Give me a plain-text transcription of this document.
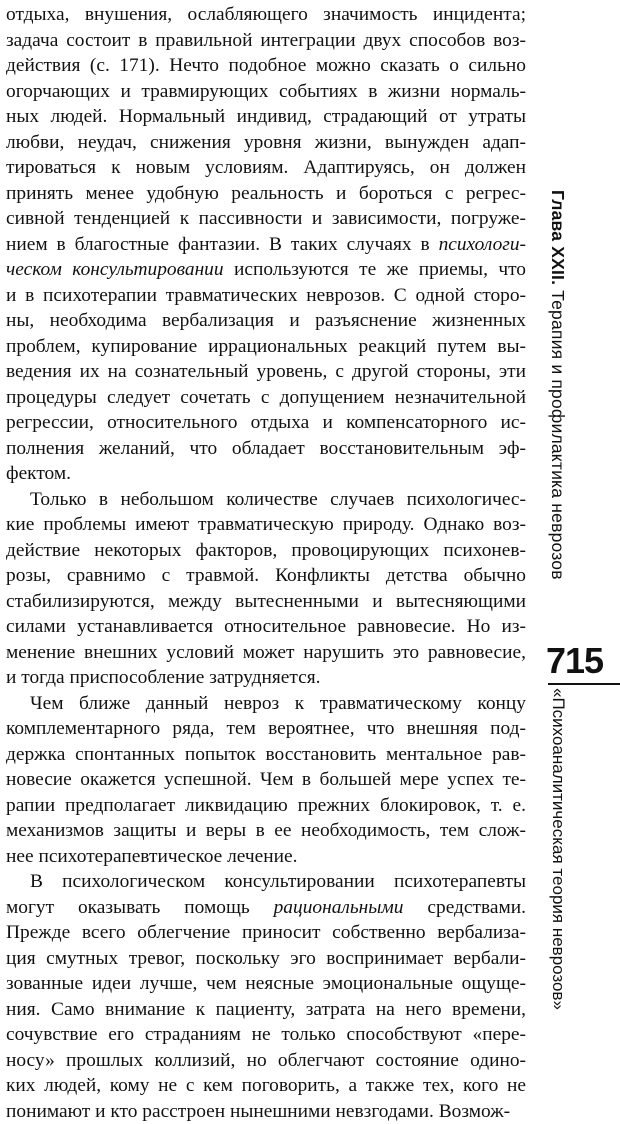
отдыха, внушения, ослабляющего значимость инцидента;
задача состоит в правильной интеграции двух способов воз-
действия (с. 171). Нечто подобное можно сказать о сильно
огорчающих и травмирующих событиях в жизни нормаль-
ных людей. Нормальный индивид, страдающий от утраты
любви, неудач, снижения уровня жизни, вынужден адап-
тироваться к новым условиям. Адаптируясь, он должен
принять менее удобную реальность и бороться с регрес-
сивной тенденцией к пассивности и зависимости, погруже-
нием в благостные фантазии. В таких случаях в психологи-
ческом консультировании используются те же приемы, что
и в психотерапии травматических неврозов. С одной сторо-
ны, необходима вербализация и разъяснение жизненных
проблем, купирование иррациональных реакций путем вы-
ведения их на сознательный уровень, с другой стороны, эти
процедуры следует сочетать с допущением незначительной
регрессии, относительного отдыха и компенсаторного ис-
полнения желаний, что обладает восстановительным эф-
фектом.
Только в небольшом количестве случаев психологичес-
кие проблемы имеют травматическую природу. Однако воз-
действие некоторых факторов, провоцирующих психонев-
розы, сравнимо с травмой. Конфликты детства обычно
стабилизируются, между вытесненными и вытесняющими
силами устанавливается относительное равновесие. Но из-
менение внешних условий может нарушить это равновесие,
и тогда приспособление затрудняется.
Чем ближе данный невроз к травматическому концу
комплементарного ряда, тем вероятнее, что внешняя под-
держка спонтанных попыток восстановить ментальное рав-
новесие окажется успешной. Чем в большей мере успех те-
рапии предполагает ликвидацию прежних блокировок, т. е.
механизмов защиты и веры в ее необходимость, тем слож-
нее психотерапевтическое лечение.
В психологическом консультировании психотерапевты
могут оказывать помощь рациональными средствами.
Прежде всего облегчение приносит собственно вербализа-
ция смутных тревог, поскольку эго воспринимает вербали-
зованные идеи лучше, чем неясные эмоциональные ощуще-
ния. Само внимание к пациенту, затрата на него времени,
сочувствие его страданиям не только способствуют «пере-
носу» прошлых коллизий, но облегчают состояние одино-
ких людей, кому не с кем поговорить, а также тех, кого не
понимают и кто расстроен нынешними невзгодами. Возмож-
Глава XXII. Терапия и профилактика неврозов
715
«Психоаналитическая теория неврозов»
